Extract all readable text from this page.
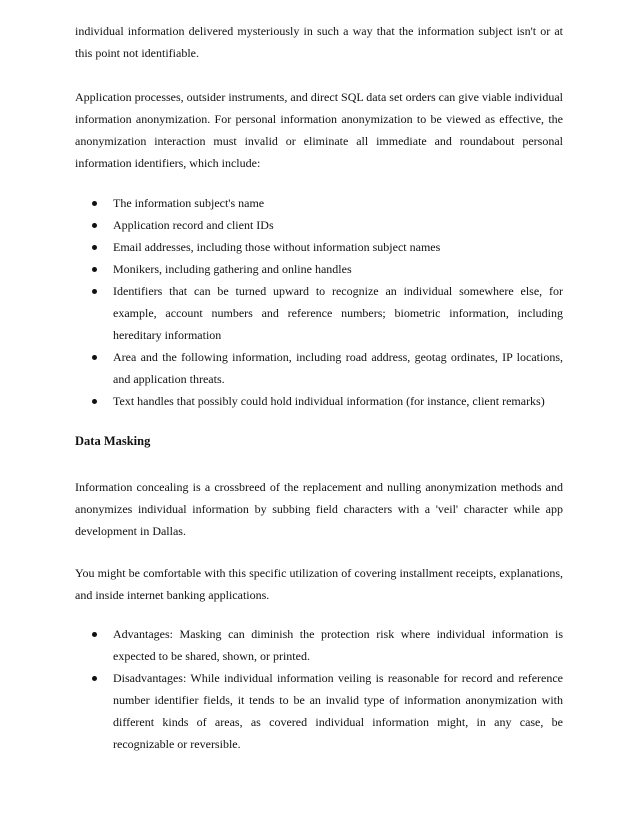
individual information delivered mysteriously in such a way that the information subject isn't or at this point not identifiable.

Application processes, outsider instruments, and direct SQL data set orders can give viable individual information anonymization. For personal information anonymization to be viewed as effective, the anonymization interaction must invalid or eliminate all immediate and roundabout personal information identifiers, which include:

The information subject's name
Application record and client IDs
Email addresses, including those without information subject names
Monikers, including gathering and online handles
Identifiers that can be turned upward to recognize an individual somewhere else, for example, account numbers and reference numbers; biometric information, including hereditary information
Area and the following information, including road address, geotag ordinates, IP locations, and application threats.
Text handles that possibly could hold individual information (for instance, client remarks)
Data Masking

Information concealing is a crossbreed of the replacement and nulling anonymization methods and anonymizes individual information by subbing field characters with a 'veil' character while app development in Dallas.

You might be comfortable with this specific utilization of covering installment receipts, explanations, and inside internet banking applications.

Advantages: Masking can diminish the protection risk where individual information is expected to be shared, shown, or printed.
Disadvantages: While individual information veiling is reasonable for record and reference number identifier fields, it tends to be an invalid type of information anonymization with different kinds of areas, as covered individual information might, in any case, be recognizable or reversible.
